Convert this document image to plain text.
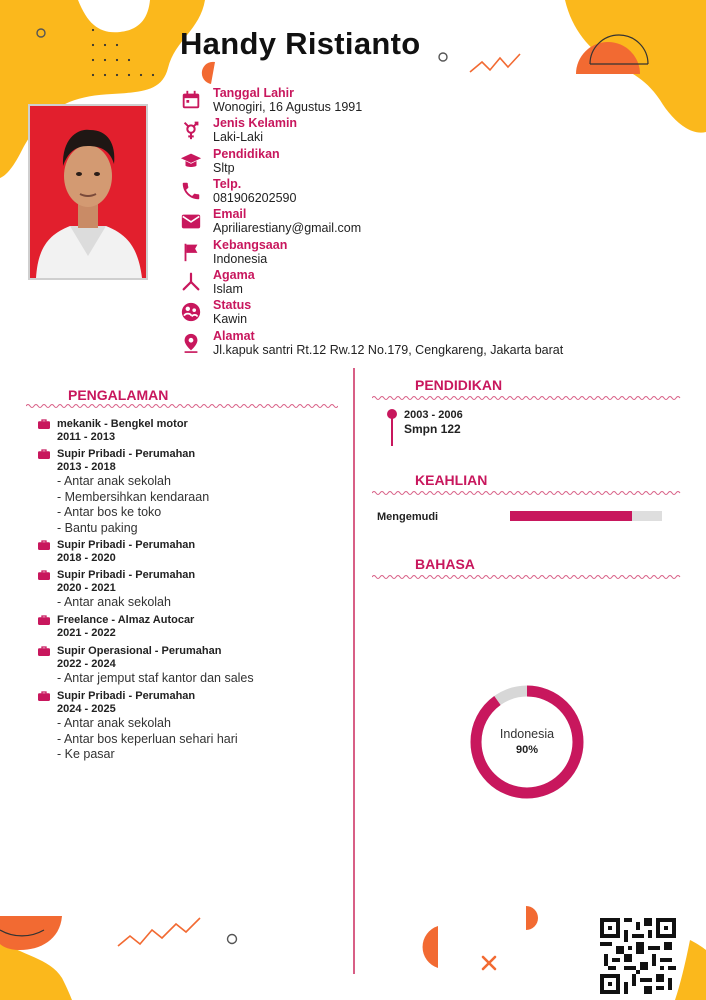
Handy Ristianto
Tanggal Lahir
Wonogiri, 16 Agustus 1991
Jenis Kelamin
Laki-Laki
Pendidikan
Sltp
Telp.
081906202590
Email
Apriliarestiany@gmail.com
Kebangsaan
Indonesia
Agama
Islam
Status
Kawin
Alamat
Jl.kapuk santri Rt.12 Rw.12 No.179, Cengkareng, Jakarta barat
PENGALAMAN
mekanik - Bengkel motor
2011 - 2013
Supir Pribadi - Perumahan
2013 - 2018
- Antar anak sekolah
- Membersihkan kendaraan
- Antar bos ke toko
- Bantu paking
Supir Pribadi - Perumahan
2018 - 2020
Supir Pribadi - Perumahan
2020 - 2021
- Antar anak sekolah
Freelance - Almaz Autocar
2021 - 2022
Supir Operasional - Perumahan
2022 - 2024
- Antar jemput staf kantor dan sales
Supir Pribadi - Perumahan
2024 - 2025
- Antar anak sekolah
- Antar bos keperluan sehari hari
- Ke pasar
PENDIDIKAN
2003 - 2006
Smpn 122
KEAHLIAN
Mengemudi
BAHASA
Indonesia
90%
